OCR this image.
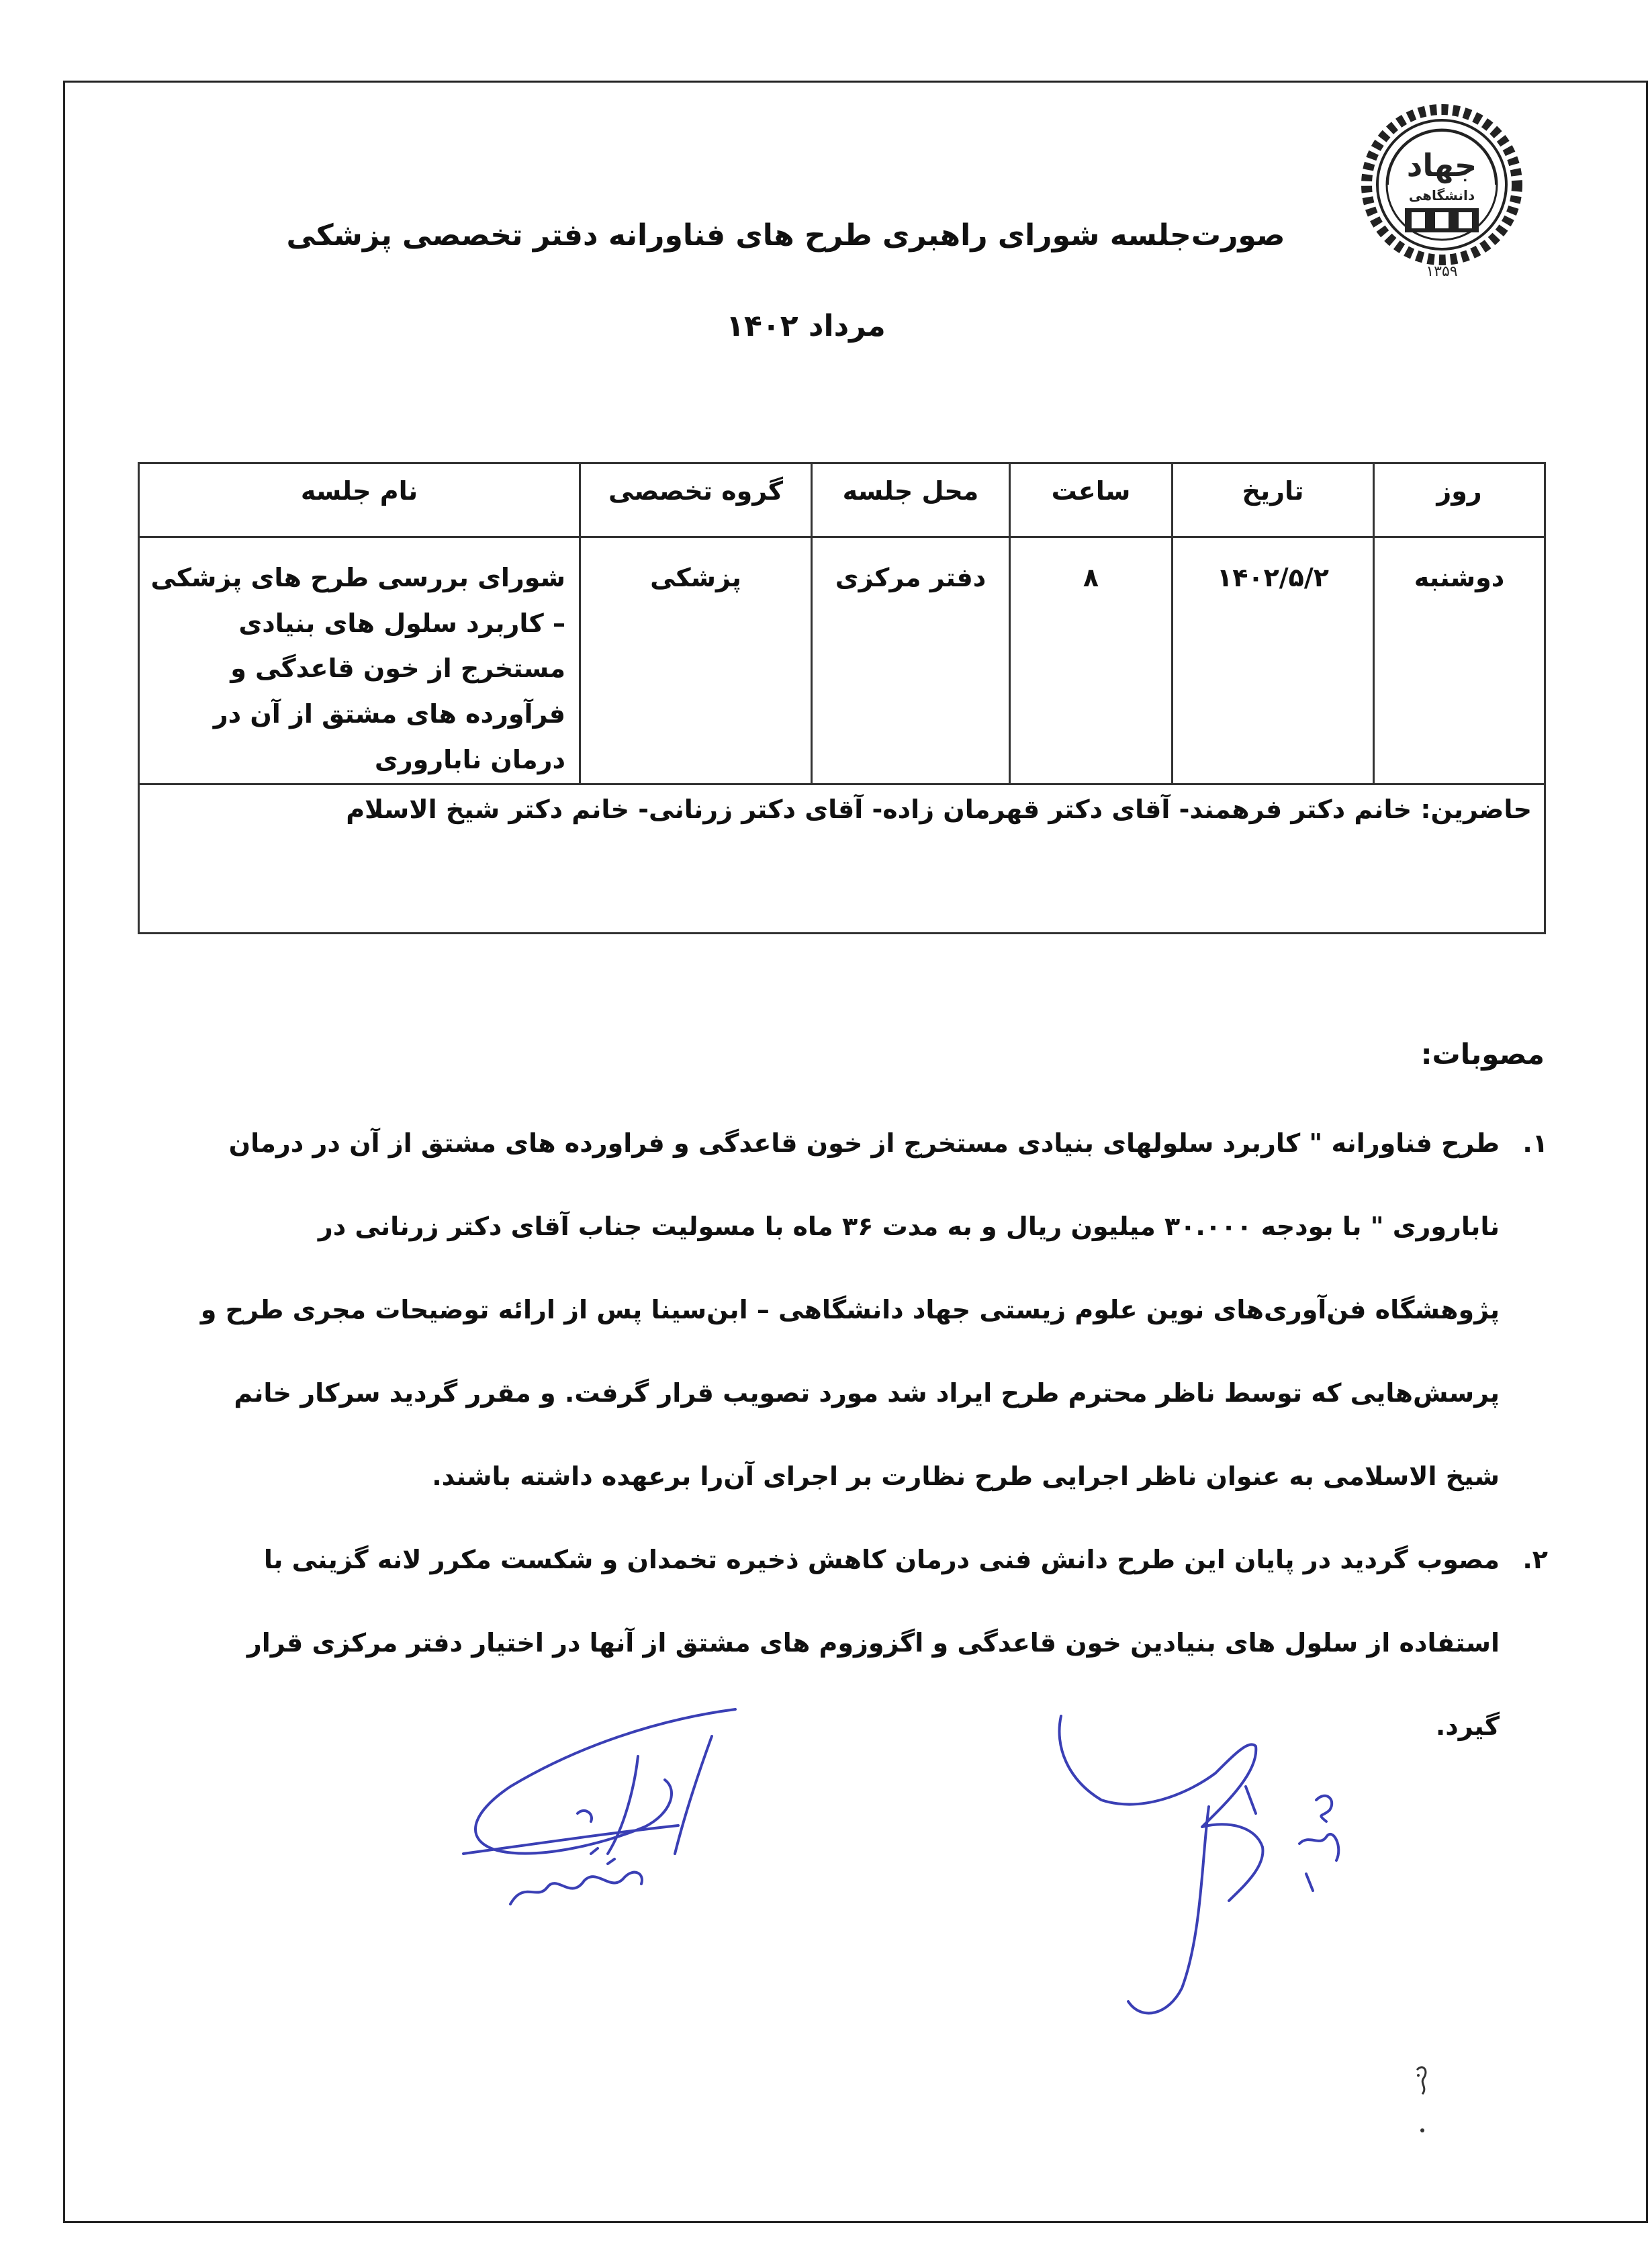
جهاد
دانشگاهی
۱۳۵۹
صورت‌جلسه شورای راهبری طرح های فناورانه دفتر تخصصی پزشکی
مرداد ۱۴۰۲
روز	تاریخ	ساعت	محل جلسه	گروه تخصصی	نام جلسه
دوشنبه	۱۴۰۲/۵/۲	۸	دفتر مرکزی	پزشکی	شورای بررسی طرح های پزشکی – کاربرد سلول های بنیادی مستخرج از خون قاعدگی و فرآورده های مشتق از آن در درمان ناباروری
حاضرین: خانم دکتر فرهمند- آقای دکتر قهرمان زاده- آقای دکتر زرنانی- خانم دکتر شیخ الاسلام					
مصوبات:
۱.
طرح فناورانه " کاربرد سلولهای بنیادی مستخرج از خون قاعدگی و فراورده های مشتق از آن در درمان ناباروری " با بودجه ۳۰.۰۰۰ میلیون ریال و به مدت ۳۶ ماه با مسولیت جناب آقای دکتر زرنانی در پژوهشگاه فن‌آوری‌های نوین علوم زیستی جهاد دانشگاهی – ابن‌سینا پس از ارائه توضیحات مجری طرح و پرسش‌هایی که توسط ناظر محترم طرح ایراد شد مورد تصویب قرار گرفت. و مقرر گردید سرکار خانم شیخ الاسلامی به عنوان ناظر اجرایی طرح نظارت بر اجرای آن‌را برعهده داشته باشند.
۲.
مصوب گردید در پایان این طرح دانش فنی درمان کاهش ذخیره تخمدان و شکست مکرر لانه گزینی با استفاده از سلول های بنیادین خون قاعدگی و اگزوزوم های مشتق از آنها در اختیار دفتر مرکزی قرار گیرد.
